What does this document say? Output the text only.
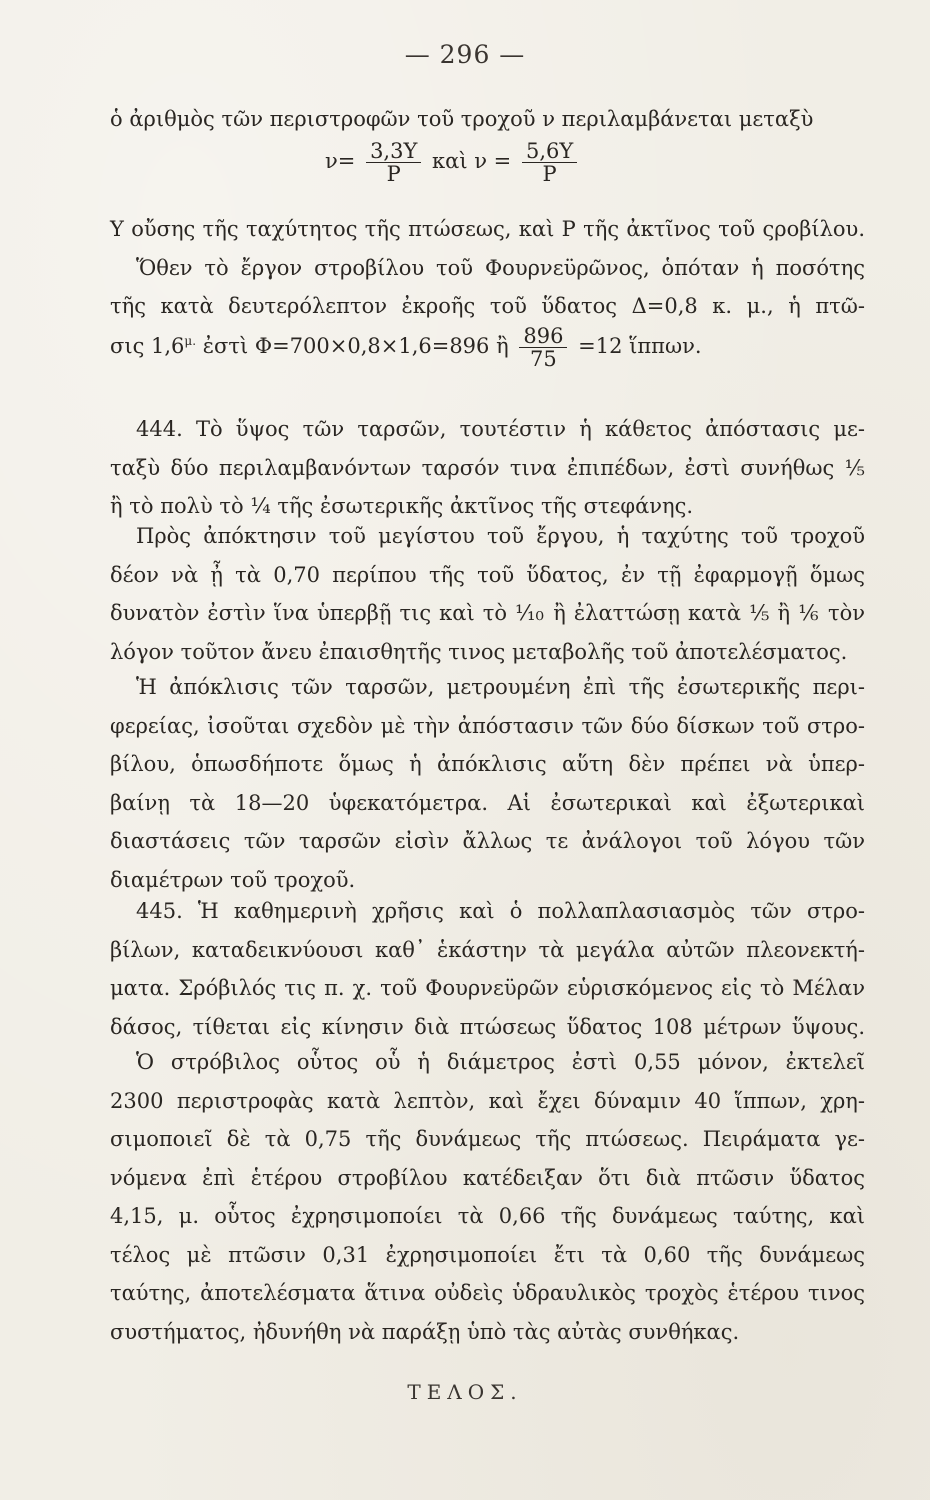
— 296 —
ὁ ἀριθμὸς τῶν περιστροφῶν τοῦ τροχοῦ ν περιλαμβάνεται μεταξὺ
$\nu= \frac{3,3\Upsilon}{P}$ καὶ $\nu = \frac{5,6\Upsilon}{P}$
Υ οὔσης τῆς ταχύτητος τῆς πτώσεως, καὶ P τῆς ἀκτῖνος τοῦ ςροβίλου.
Ὅθεν τὸ ἔργον στροβίλου τοῦ Φουρνεϋρῶνος, ὁπόταν ἡ ποσότης
τῆς κατὰ δευτερόλεπτον ἐκροῆς τοῦ ὕδατος Δ=0,8 κ. μ., ἡ πτῶ-
σις $1,6^{\mu.}$ ἐστὶ Φ=700×0,8×1,6=896 ἢ $\frac{896}{75} =12$ ἵππων.
444. Τὸ ὕψος τῶν ταρσῶν, τουτέστιν ἡ κάθετος ἀπόστασις με-
ταξὺ δύο περιλαμβανόντων ταρσόν τινα ἐπιπέδων, ἐστὶ συνήθως ⅕
ἢ τὸ πολὺ τὸ ¼ τῆς ἐσωτερικῆς ἀκτῖνος τῆς στεφάνης.
Πρὸς ἀπόκτησιν τοῦ μεγίστου τοῦ ἔργου, ἡ ταχύτης τοῦ τροχοῦ
δέον νὰ ᾖ τὰ 0,70 περίπου τῆς τοῦ ὕδατος, ἐν τῇ ἐφαρμογῇ ὅμως
δυνατὸν ἐστὶν ἵνα ὑπερβῇ τις καὶ τὸ ⅒ ἢ ἐλαττώσῃ κατὰ ⅕ ἢ ⅙ τὸν
λόγον τοῦτον ἄνευ ἐπαισθητῆς τινος μεταβολῆς τοῦ ἀποτελέσματος.
Ἡ ἀπόκλισις τῶν ταρσῶν, μετρουμένη ἐπὶ τῆς ἐσωτερικῆς περι-
φερείας, ἰσοῦται σχεδὸν μὲ τὴν ἀπόστασιν τῶν δύο δίσκων τοῦ στρο-
βίλου, ὁπωσδήποτε ὅμως ἡ ἀπόκλισις αὕτη δὲν πρέπει νὰ ὑπερ-
βαίνῃ τὰ 18—20 ὑφεκατόμετρα. Αἱ ἐσωτερικαὶ καὶ ἐξωτερικαὶ
διαστάσεις τῶν ταρσῶν εἰσὶν ἄλλως τε ἀνάλογοι τοῦ λόγου τῶν
διαμέτρων τοῦ τροχοῦ.
445. Ἡ καθημερινὴ χρῆσις καὶ ὁ πολλαπλασιασμὸς τῶν στρο-
βίλων, καταδεικνύουσι καθ᾽ ἑκάστην τὰ μεγάλα αὐτῶν πλεονεκτή-
ματα. Σρόβιλός τις π. χ. τοῦ Φουρνεϋρῶν εὑρισκόμενος εἰς τὸ Μέλαν
δάσος, τίθεται εἰς κίνησιν διὰ πτώσεως ὕδατος 108 μέτρων ὕψους.
Ὁ στρόβιλος οὗτος οὗ ἡ διάμετρος ἐστὶ 0,55 μόνον, ἐκτελεῖ
2300 περιστροφὰς κατὰ λεπτὸν, καὶ ἔχει δύναμιν 40 ἵππων, χρη-
σιμοποιεῖ δὲ τὰ 0,75 τῆς δυνάμεως τῆς πτώσεως. Πειράματα γε-
νόμενα ἐπὶ ἑτέρου στροβίλου κατέδειξαν ὅτι διὰ πτῶσιν ὕδατος
4,15, μ. οὗτος ἐχρησιμοποίει τὰ 0,66 τῆς δυνάμεως ταύτης, καὶ
τέλος μὲ πτῶσιν 0,31 ἐχρησιμοποίει ἔτι τὰ 0,60 τῆς δυνάμεως
ταύτης, ἀποτελέσματα ἅτινα οὐδεὶς ὑδραυλικὸς τροχὸς ἑτέρου τινος
συστήματος, ἠδυνήθη νὰ παράξῃ ὑπὸ τὰς αὐτὰς συνθήκας.
ΤΕΛΟΣ.
